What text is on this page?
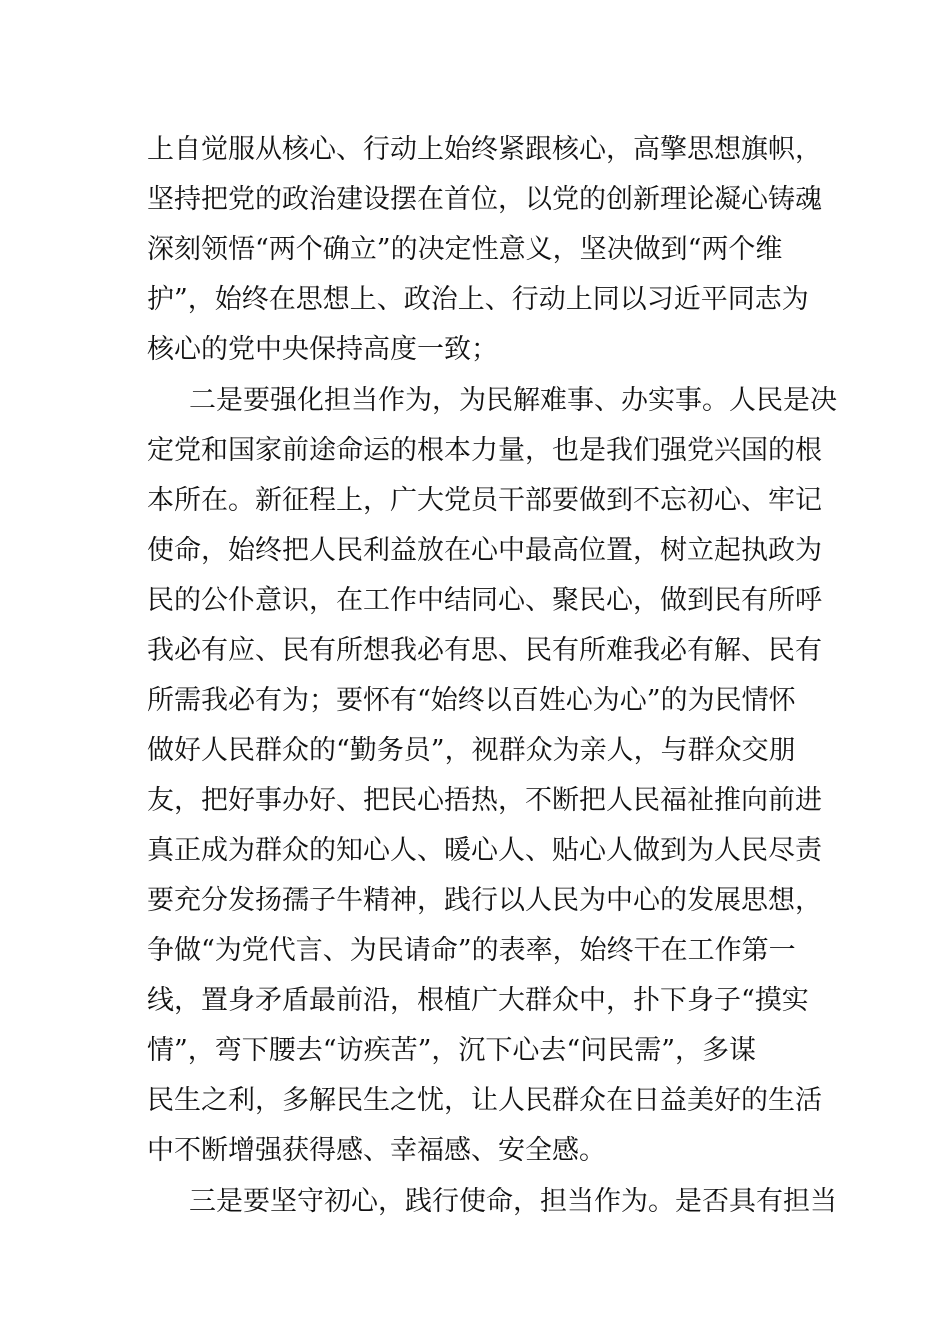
上自觉服从核心、行动上始终紧跟核心，高擎思想旗帜，
坚持把党的政治建设摆在首位，以党的创新理论凝心铸魂
深刻领悟“两个确立”的决定性意义，坚决做到“两个维
护”，始终在思想上、政治上、行动上同以习近平同志为
核心的党中央保持高度一致；
二是要强化担当作为，为民解难事、办实事。人民是决
定党和国家前途命运的根本力量，也是我们强党兴国的根
本所在。新征程上，广大党员干部要做到不忘初心、牢记
使命，始终把人民利益放在心中最高位置，树立起执政为
民的公仆意识，在工作中结同心、聚民心，做到民有所呼
我必有应、民有所想我必有思、民有所难我必有解、民有
所需我必有为；要怀有“始终以百姓心为心”的为民情怀
做好人民群众的“勤务员”，视群众为亲人，与群众交朋
友，把好事办好、把民心捂热，不断把人民福祉推向前进
真正成为群众的知心人、暖心人、贴心人做到为人民尽责
要充分发扬孺子牛精神，践行以人民为中心的发展思想，
争做“为党代言、为民请命”的表率，始终干在工作第一
线，置身矛盾最前沿，根植广大群众中，扑下身子“摸实
情”，弯下腰去“访疾苦”，沉下心去“问民需”，多谋
民生之利，多解民生之忧，让人民群众在日益美好的生活
中不断增强获得感、幸福感、安全感。
三是要坚守初心，践行使命，担当作为。是否具有担当
